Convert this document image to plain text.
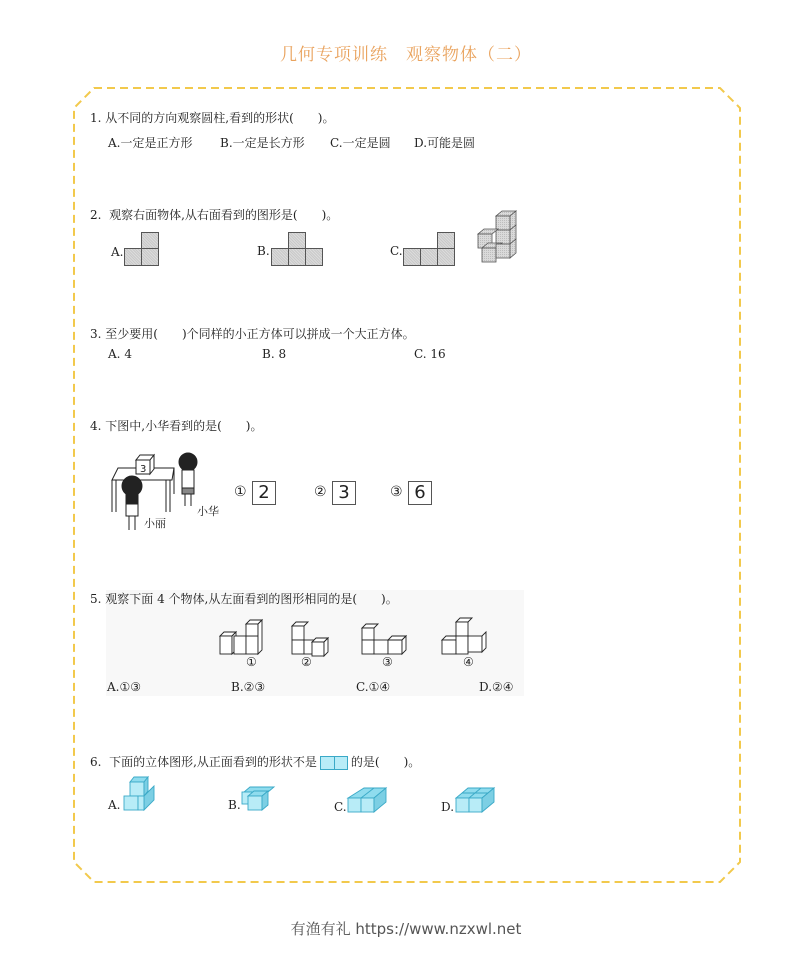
几何专项训练 观察物体（二）
1. 从不同的方向观察圆柱,看到的形状(　　)。
A.一定是正方形 B.一定是长方形 C.一定是圆 D.可能是圆
2. 观察右面物体,从右面看到的图形是(　　)。
A.	B.	C.
3. 至少要用(　　)个同样的小正方体可以拼成一个大正方体。
A. 4	B. 8	C. 16
4. 下图中,小华看到的是(　　)。
3
小丽
小华
① 2	② 3	③ 6
5. 观察下面 4 个物体,从左面看到的图形相同的是(　　)。
①	②	③	④
A.①③	B.②③	C.①④	D.②④
6. 下面的立体图形,从正面看到的形状不是	的是(　　)。
A.	B.	C.	D.
有渔有礼 https://www.nzxwl.net
